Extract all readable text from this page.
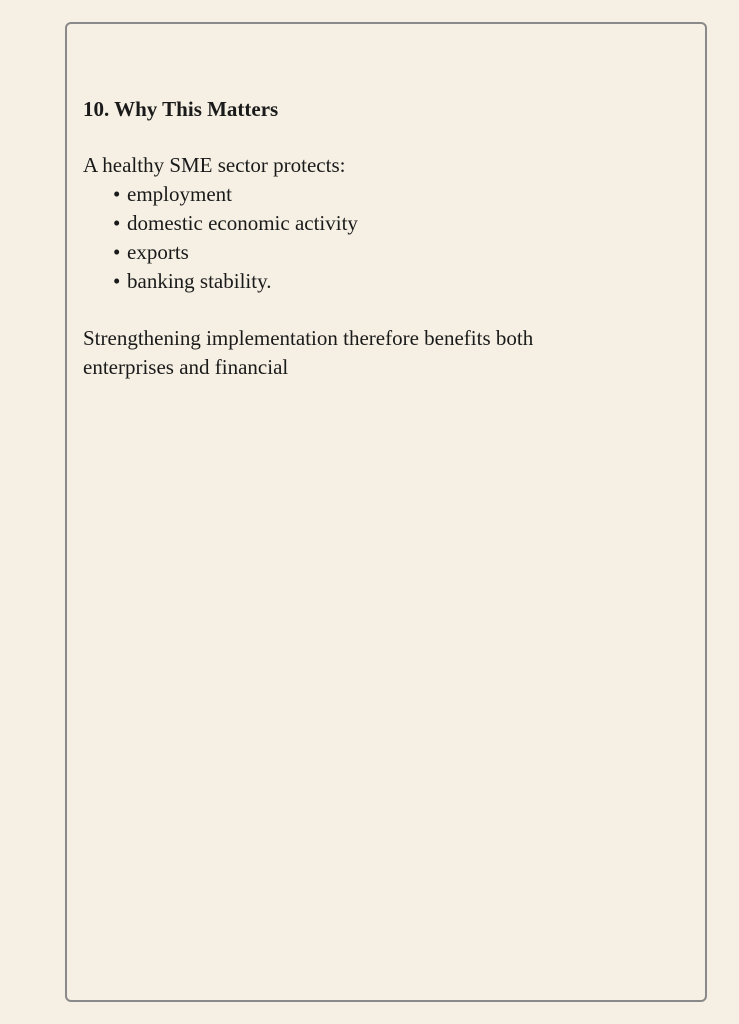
10. Why This Matters

A healthy SME sector protects:

• employment
• domestic economic activity
• exports
• banking stability.

Strengthening implementation therefore benefits both enterprises and financial
